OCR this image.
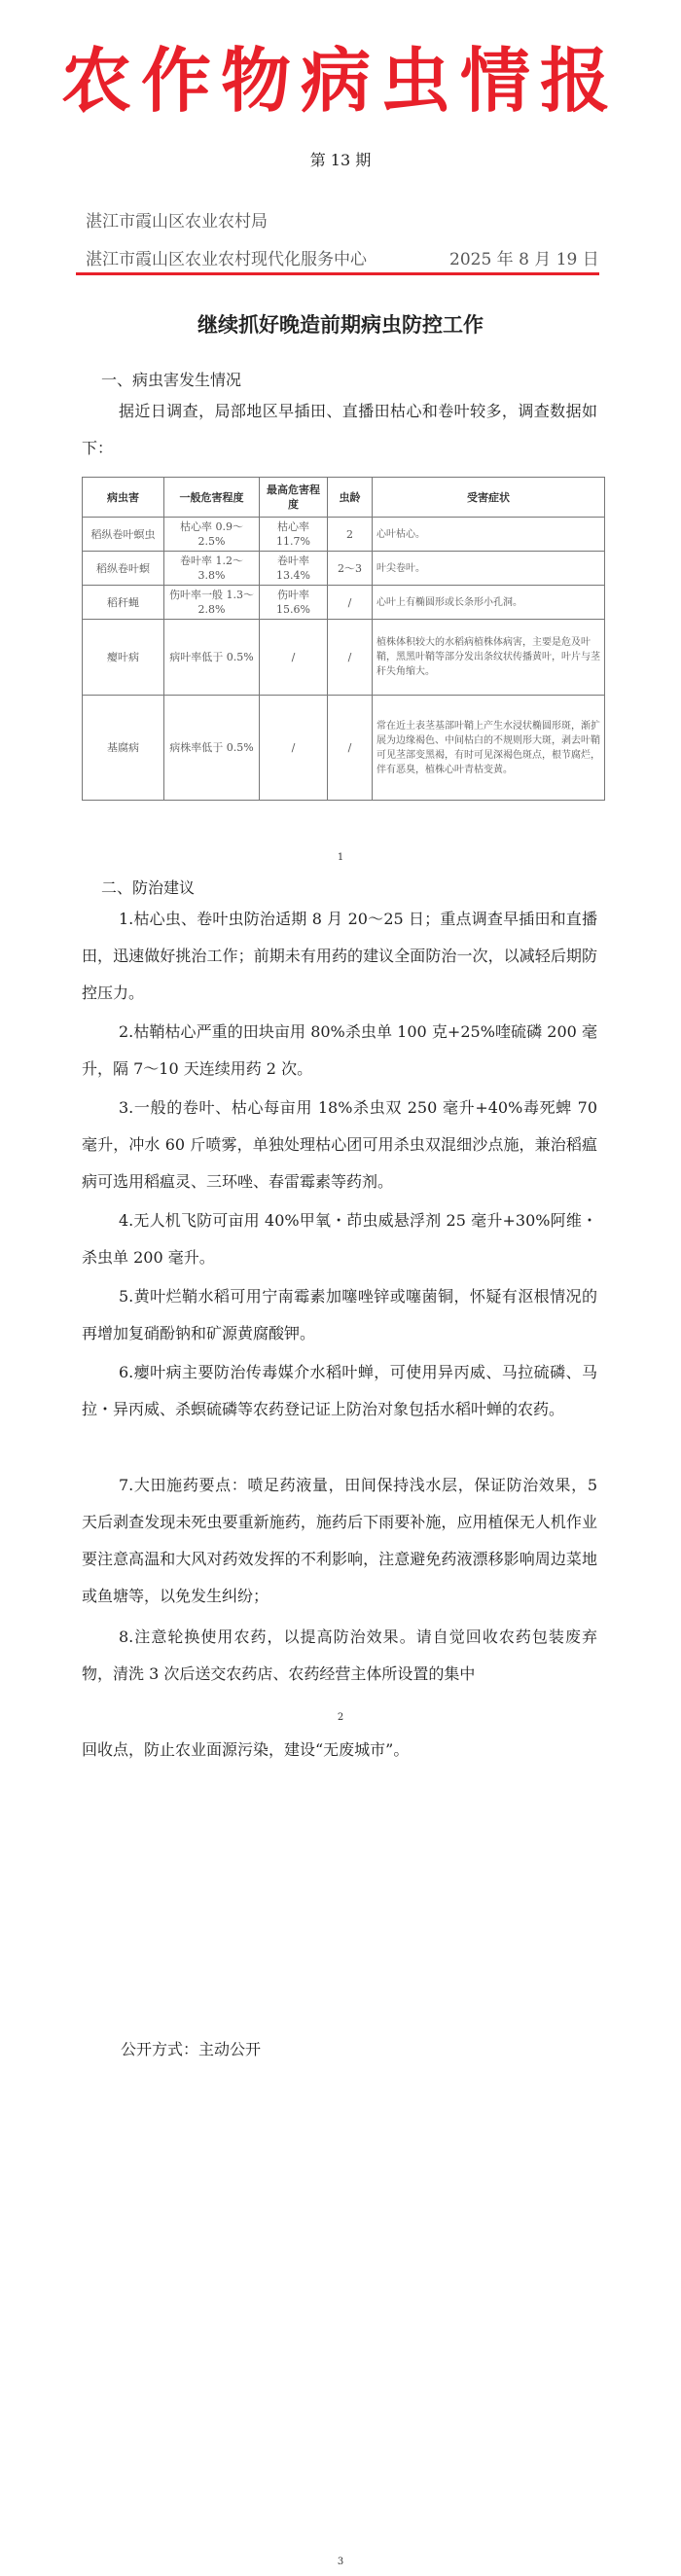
农作物病虫情报
第 13 期
湛江市霞山区农业农村局
湛江市霞山区农业农村现代化服务中心	2025 年 8 月 19 日
继续抓好晚造前期病虫防控工作
一、病虫害发生情况
据近日调查，局部地区早插田、直播田枯心和卷叶较多，调查数据如下：
病虫害	一般危害程度	最高危害程度	虫龄	受害症状
稻纵卷叶螟虫	枯心率 0.9～2.5%	枯心率 11.7%	2	心叶枯心。
稻纵卷叶螟	卷叶率 1.2～3.8%	卷叶率 13.4%	2～3	叶尖卷叶。
稻秆蝇	伤叶率一般 1.3～2.8%	伤叶率 15.6%	/	心叶上有椭圆形或长条形小孔洞。
瘿叶病	病叶率低于 0.5%	/	/	植株体积较大的水稻病植株体病害，主要是危及叶鞘，黑黑叶鞘等部分发出条纹状传播黄叶，叶片与茎秆失角缩大。
基腐病	病株率低于 0.5%	/	/	常在近土表茎基部叶鞘上产生水浸状椭圆形斑，渐扩展为边缘褐色、中间枯白的不规则形大斑，剥去叶鞘可见茎部变黑褐，有时可见深褐色斑点，根节腐烂，伴有恶臭，植株心叶青枯变黄。
1
二、防治建议
1.枯心虫、卷叶虫防治适期 8 月 20～25 日；重点调查早插田和直播田，迅速做好挑治工作；前期未有用药的建议全面防治一次，以减轻后期防控压力。
2.枯鞘枯心严重的田块亩用 80%杀虫单 100 克+25%喹硫磷 200 毫升，隔 7～10 天连续用药 2 次。
3.一般的卷叶、枯心每亩用 18%杀虫双 250 毫升+40%毒死蜱 70 毫升，冲水 60 斤喷雾，单独处理枯心团可用杀虫双混细沙点施，兼治稻瘟病可选用稻瘟灵、三环唑、春雷霉素等药剂。
4.无人机飞防可亩用 40%甲氧・茚虫威悬浮剂 25 毫升+30%阿维・杀虫单 200 毫升。
5.黄叶烂鞘水稻可用宁南霉素加噻唑锌或噻菌铜，怀疑有沤根情况的再增加复硝酚钠和矿源黄腐酸钾。
6.瘿叶病主要防治传毒媒介水稻叶蝉，可使用异丙威、马拉硫磷、马拉・异丙威、杀螟硫磷等农药登记证上防治对象包括水稻叶蝉的农药。
7.大田施药要点：喷足药液量，田间保持浅水层，保证防治效果，5 天后剥查发现未死虫要重新施药，施药后下雨要补施，应用植保无人机作业要注意高温和大风对药效发挥的不利影响，注意避免药液漂移影响周边菜地或鱼塘等，以免发生纠纷；
8.注意轮换使用农药，以提高防治效果。请自觉回收农药包装废弃物，清洗 3 次后送交农药店、农药经营主体所设置的集中
2
回收点，防止农业面源污染，建设“无废城市”。
公开方式：主动公开
3
